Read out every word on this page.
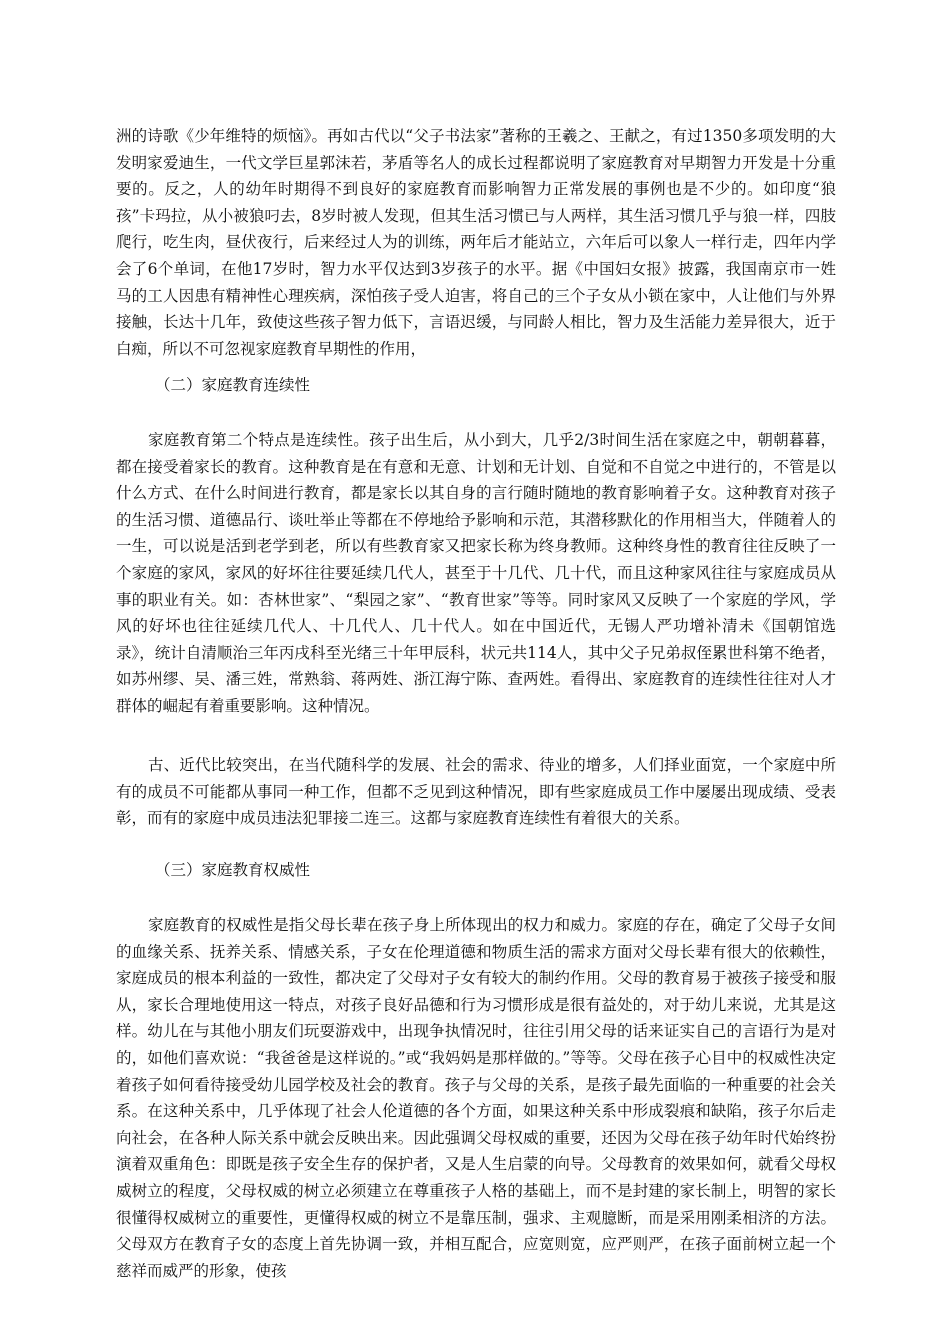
洲的诗歌《少年维特的烦恼》。再如古代以“父子书法家”著称的王羲之、王献之，有过1350多项发明的大发明家爱迪生，一代文学巨星郭沫若，茅盾等名人的成长过程都说明了家庭教育对早期智力开发是十分重要的。反之，人的幼年时期得不到良好的家庭教育而影响智力正常发展的事例也是不少的。如印度“狼孩”卡玛拉，从小被狼叼去，8岁时被人发现，但其生活习惯已与人两样，其生活习惯几乎与狼一样，四肢爬行，吃生肉，昼伏夜行，后来经过人为的训练，两年后才能站立，六年后可以象人一样行走，四年内学会了6个单词，在他17岁时，智力水平仅达到3岁孩子的水平。据《中国妇女报》披露，我国南京市一姓马的工人因患有精神性心理疾病，深怕孩子受人迫害，将自己的三个子女从小锁在家中，人让他们与外界接触，长达十几年，致使这些孩子智力低下，言语迟缓，与同龄人相比，智力及生活能力差异很大，近于白痴，所以不可忽视家庭教育早期性的作用，

（二）家庭教育连续性

家庭教育第二个特点是连续性。孩子出生后，从小到大，几乎2/3时间生活在家庭之中，朝朝暮暮，都在接受着家长的教育。这种教育是在有意和无意、计划和无计划、自觉和不自觉之中进行的，不管是以什么方式、在什么时间进行教育，都是家长以其自身的言行随时随地的教育影响着子女。这种教育对孩子的生活习惯、道德品行、谈吐举止等都在不停地给予影响和示范，其潜移默化的作用相当大，伴随着人的一生，可以说是活到老学到老，所以有些教育家又把家长称为终身教师。这种终身性的教育往往反映了一个家庭的家风，家风的好坏往往要延续几代人，甚至于十几代、几十代，而且这种家风往往与家庭成员从事的职业有关。如：杏林世家”、“梨园之家”、“教育世家”等等。同时家风又反映了一个家庭的学风，学风的好坏也往往延续几代人、十几代人、几十代人。如在中国近代，无锡人严功增补清未《国朝馆选录》，统计自清顺治三年丙戌科至光绪三十年甲辰科，状元共114人，其中父子兄弟叔侄累世科第不绝者，如苏州缪、吴、潘三姓，常熟翁、蒋两姓、浙江海宁陈、查两姓。看得出、家庭教育的连续性往往对人才群体的崛起有着重要影响。这种情况。

古、近代比较突出，在当代随科学的发展、社会的需求、待业的增多，人们择业面宽，一个家庭中所有的成员不可能都从事同一种工作，但都不乏见到这种情况，即有些家庭成员工作中屡屡出现成绩、受表彰，而有的家庭中成员违法犯罪接二连三。这都与家庭教育连续性有着很大的关系。

（三）家庭教育权威性

家庭教育的权威性是指父母长辈在孩子身上所体现出的权力和威力。家庭的存在，确定了父母子女间的血缘关系、抚养关系、情感关系，子女在伦理道德和物质生活的需求方面对父母长辈有很大的依赖性，家庭成员的根本利益的一致性，都决定了父母对子女有较大的制约作用。父母的教育易于被孩子接受和服从，家长合理地使用这一特点，对孩子良好品德和行为习惯形成是很有益处的，对于幼儿来说，尤其是这样。幼儿在与其他小朋友们玩耍游戏中，出现争执情况时，往往引用父母的话来证实自己的言语行为是对的，如他们喜欢说：“我爸爸是这样说的。”或“我妈妈是那样做的。”等等。父母在孩子心目中的权威性决定着孩子如何看待接受幼儿园学校及社会的教育。孩子与父母的关系，是孩子最先面临的一种重要的社会关系。在这种关系中，几乎体现了社会人伦道德的各个方面，如果这种关系中形成裂痕和缺陷，孩子尔后走向社会，在各种人际关系中就会反映出来。因此强调父母权威的重要，还因为父母在孩子幼年时代始终扮演着双重角色：即既是孩子安全生存的保护者，又是人生启蒙的向导。父母教育的效果如何，就看父母权威树立的程度，父母权威的树立必须建立在尊重孩子人格的基础上，而不是封建的家长制上，明智的家长很懂得权威树立的重要性，更懂得权威的树立不是靠压制，强求、主观臆断，而是采用刚柔相济的方法。父母双方在教育子女的态度上首先协调一致，并相互配合，应宽则宽，应严则严，在孩子面前树立起一个慈祥而威严的形象，使孩
